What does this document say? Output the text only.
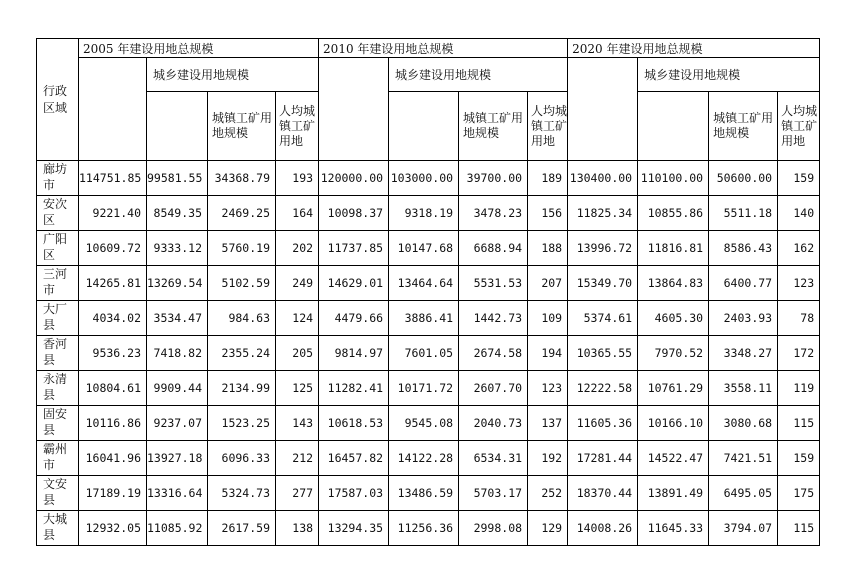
行政区域	2005 年建设用地总规模				2010 年建设用地总规模				2020 年建设用地总规模			
		城乡建设用地规模				城乡建设用地规模				城乡建设用地规模		
			城镇工矿用地规模	人均城镇工矿用地			城镇工矿用地规模	人均城镇工矿用地			城镇工矿用地规模	人均城镇工矿用地
廊坊市	114751.85	99581.55	34368.79	193	120000.00	103000.00	39700.00	189	130400.00	110100.00	50600.00	159
安次区	9221.40	8549.35	2469.25	164	10098.37	9318.19	3478.23	156	11825.34	10855.86	5511.18	140
广阳区	10609.72	9333.12	5760.19	202	11737.85	10147.68	6688.94	188	13996.72	11816.81	8586.43	162
三河市	14265.81	13269.54	5102.59	249	14629.01	13464.64	5531.53	207	15349.70	13864.83	6400.77	123
大厂县	4034.02	3534.47	984.63	124	4479.66	3886.41	1442.73	109	5374.61	4605.30	2403.93	78
香河县	9536.23	7418.82	2355.24	205	9814.97	7601.05	2674.58	194	10365.55	7970.52	3348.27	172
永清县	10804.61	9909.44	2134.99	125	11282.41	10171.72	2607.70	123	12222.58	10761.29	3558.11	119
固安县	10116.86	9237.07	1523.25	143	10618.53	9545.08	2040.73	137	11605.36	10166.10	3080.68	115
霸州市	16041.96	13927.18	6096.33	212	16457.82	14122.28	6534.31	192	17281.44	14522.47	7421.51	159
文安县	17189.19	13316.64	5324.73	277	17587.03	13486.59	5703.17	252	18370.44	13891.49	6495.05	175
大城县	12932.05	11085.92	2617.59	138	13294.35	11256.36	2998.08	129	14008.26	11645.33	3794.07	115
